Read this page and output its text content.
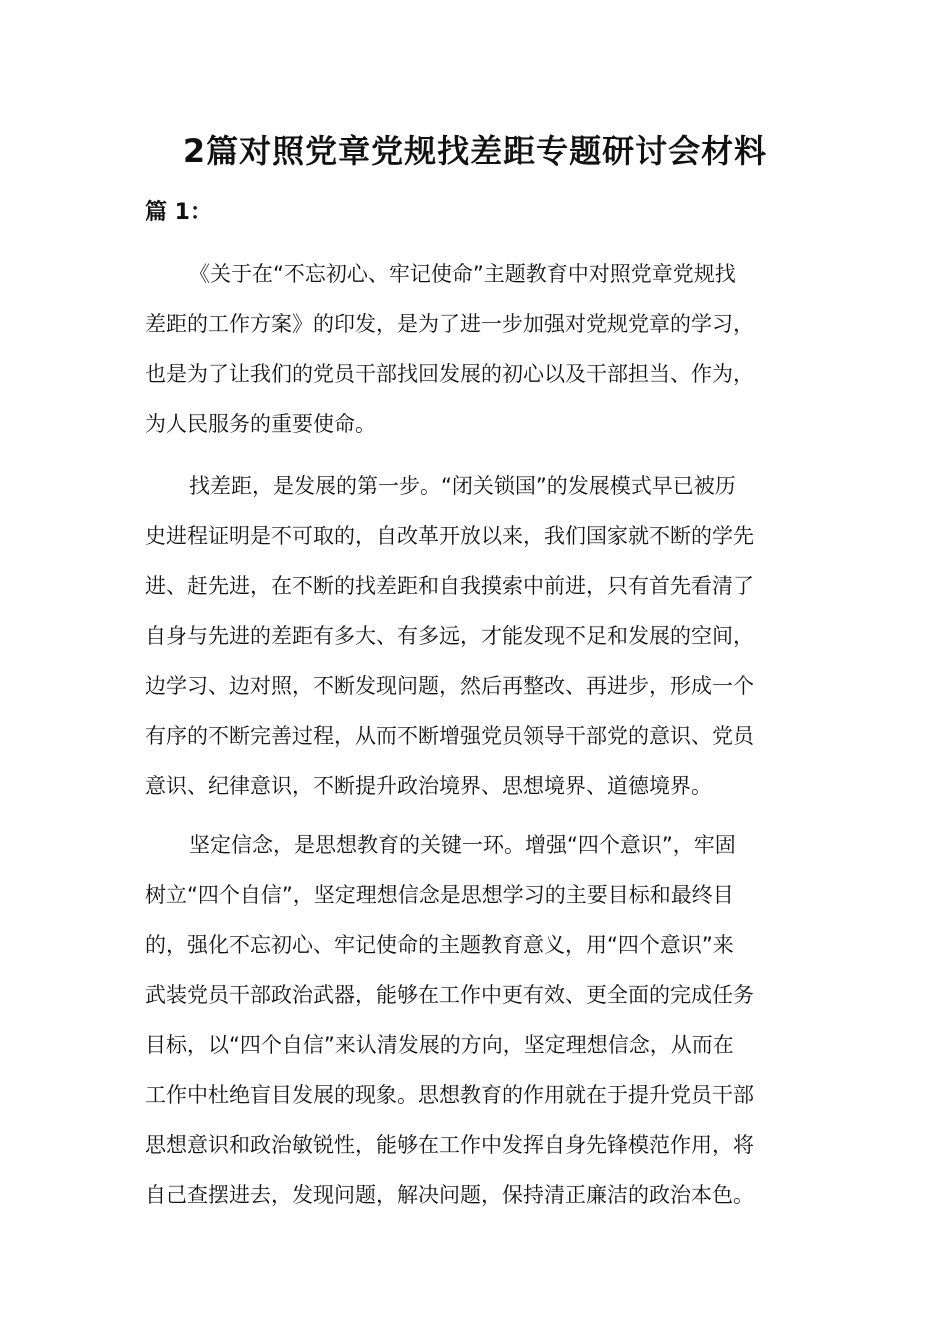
2篇对照党章党规找差距专题研讨会材料
篇 1：
《关于在“不忘初心、牢记使命”主题教育中对照党章党规找
差距的工作方案》的印发，是为了进一步加强对党规党章的学习，
也是为了让我们的党员干部找回发展的初心以及干部担当、作为，
为人民服务的重要使命。
找差距，是发展的第一步。“闭关锁国”的发展模式早已被历
史进程证明是不可取的，自改革开放以来，我们国家就不断的学先
进、赶先进，在不断的找差距和自我摸索中前进，只有首先看清了
自身与先进的差距有多大、有多远，才能发现不足和发展的空间，
边学习、边对照，不断发现问题，然后再整改、再进步，形成一个
有序的不断完善过程，从而不断增强党员领导干部党的意识、党员
意识、纪律意识，不断提升政治境界、思想境界、道德境界。
坚定信念，是思想教育的关键一环。增强“四个意识”，牢固
树立“四个自信”，坚定理想信念是思想学习的主要目标和最终目
的，强化不忘初心、牢记使命的主题教育意义，用“四个意识”来
武装党员干部政治武器，能够在工作中更有效、更全面的完成任务
目标，以“四个自信”来认清发展的方向，坚定理想信念，从而在
工作中杜绝盲目发展的现象。思想教育的作用就在于提升党员干部
思想意识和政治敏锐性，能够在工作中发挥自身先锋模范作用，将
自己查摆进去，发现问题，解决问题，保持清正廉洁的政治本色。
